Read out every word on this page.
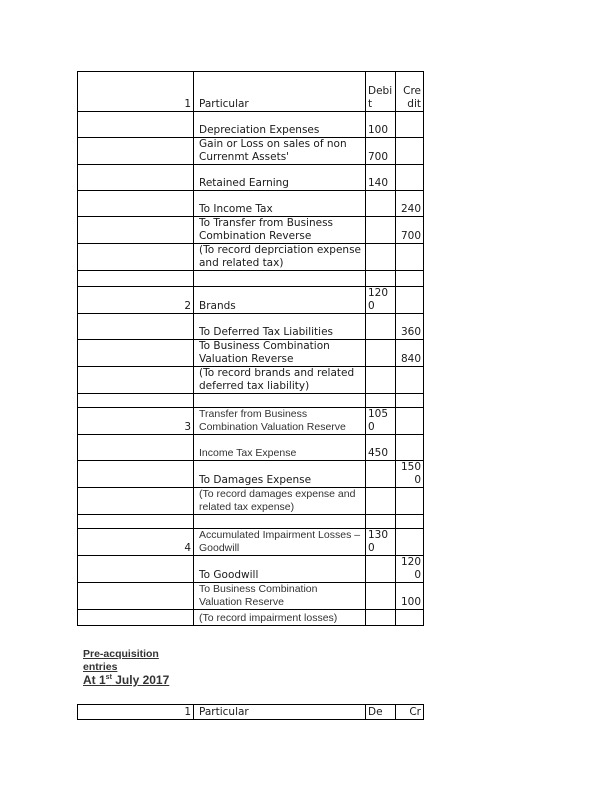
1	Particular	Debit	Credit
	Depreciation Expenses	100	
	Gain or Loss on sales of non Currenmt Assets'	700	
	Retained Earning	140	
	To Income Tax		240
	To Transfer from Business Combination Reverse		700
	(To record deprciation expense and related tax)		

2	Brands	1200	
	To Deferred Tax Liabilities		360
	To Business Combination Valuation Reverse		840
	(To record brands and related deferred tax liability)		

3	Transfer from Business Combination Valuation Reserve	1050	
	Income Tax Expense	450	
	To Damages Expense		1500
	(To record damages expense and related tax expense)		

4	Accumulated Impairment Losses – Goodwill	1300	
	To Goodwill		1200
	To Business Combination Valuation Reserve		100
	(To record impairment losses)		
Pre-acquisition entries
At 1st July 2017
1	Particular	De	Cr
